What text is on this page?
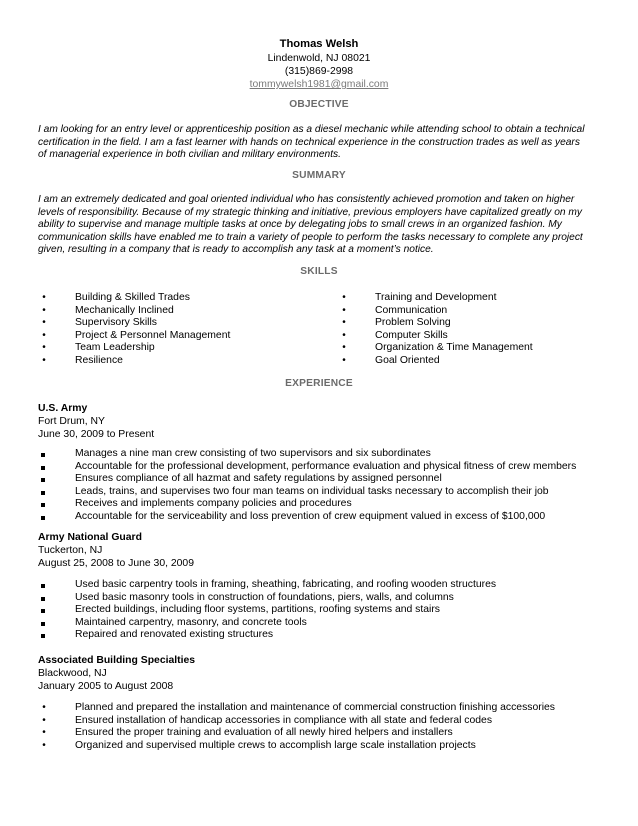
Thomas Welsh
Lindenwold, NJ 08021
(315)869-2998
tommywelsh1981@gmail.com
OBJECTIVE
I am looking for an entry level or apprenticeship position as a diesel mechanic while attending school to obtain a technical
certification in the field. I am a fast learner with hands on technical experience in the construction trades as well as years
of managerial experience in both civilian and military environments.
SUMMARY
I am an extremely dedicated and goal oriented individual who has consistently achieved promotion and taken on higher
levels of responsibility. Because of my strategic thinking and initiative, previous employers have capitalized greatly on my
ability to supervise and manage multiple tasks at once by delegating jobs to small crews in an organized fashion. My
communication skills have enabled me to train a variety of people to perform the tasks necessary to complete any project
given, resulting in a company that is ready to accomplish any task at a moment’s notice.
SKILLS
•	Building & Skilled Trades
•	Mechanically Inclined
•	Supervisory Skills
•	Project & Personnel Management
•	Team Leadership
•	Resilience
•	Training and Development
•	Communication
•	Problem Solving
•	Computer Skills
•	Organization & Time Management
•	Goal Oriented
EXPERIENCE
U.S. Army
Fort Drum, NY
June 30, 2009 to Present
Manages a nine man crew consisting of two supervisors and six subordinates
Accountable for the professional development, performance evaluation and physical fitness of crew members
Ensures compliance of all hazmat and safety regulations by assigned personnel
Leads, trains, and supervises two four man teams on individual tasks necessary to accomplish their job
Receives and implements company policies and procedures
Accountable for the serviceability and loss prevention of crew equipment valued in excess of $100,000
Army National Guard
Tuckerton, NJ
August 25, 2008 to June 30, 2009
Used basic carpentry tools in framing, sheathing, fabricating, and roofing wooden structures
Used basic masonry tools in construction of foundations, piers, walls, and columns
Erected buildings, including floor systems, partitions, roofing systems and stairs
Maintained carpentry, masonry, and concrete tools
Repaired and renovated existing structures
Associated Building Specialties
Blackwood, NJ
January 2005 to August 2008
•	Planned and prepared the installation and maintenance of commercial construction finishing accessories
•	Ensured installation of handicap accessories in compliance with all state and federal codes
•	Ensured the proper training and evaluation of all newly hired helpers and installers
•	Organized and supervised multiple crews to accomplish large scale installation projects
